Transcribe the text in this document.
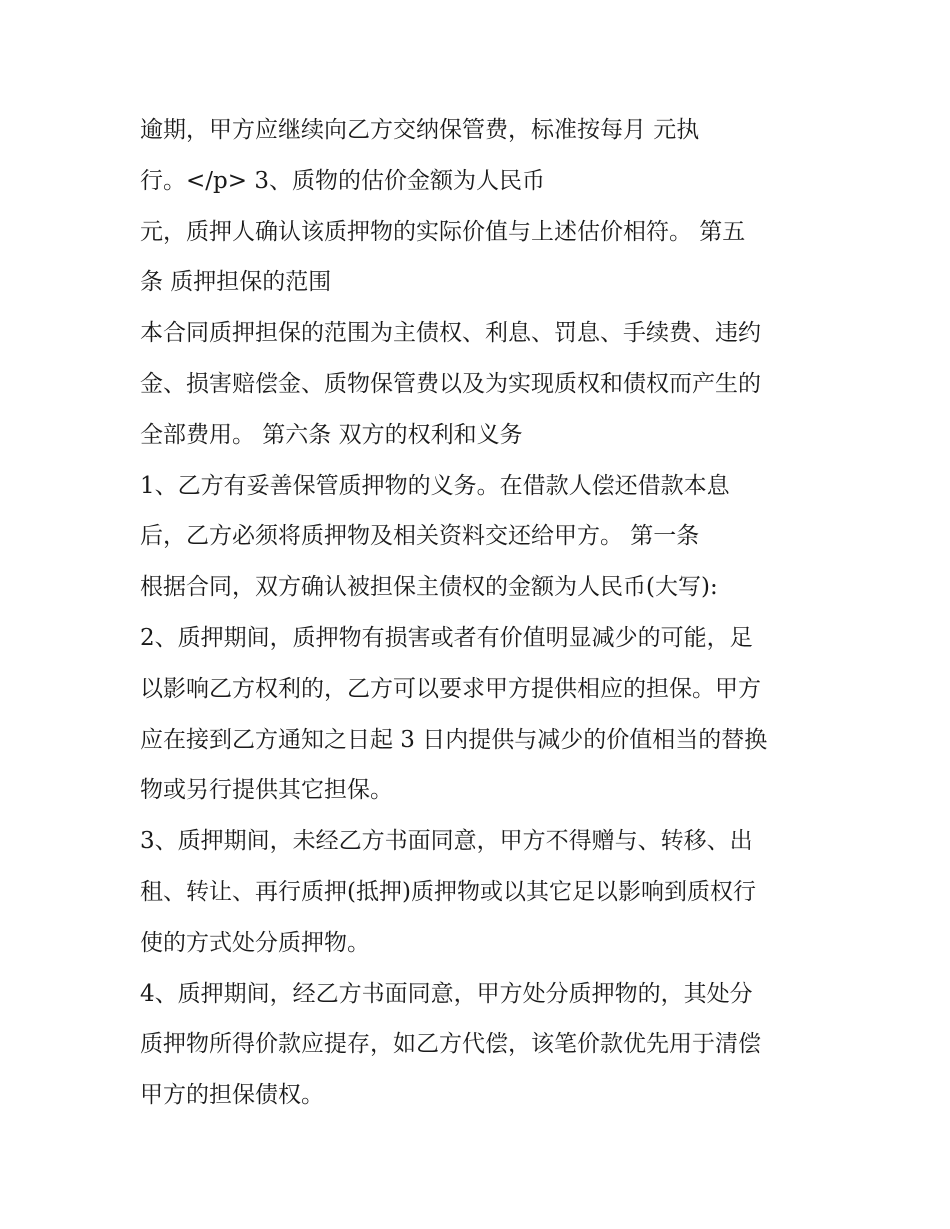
逾期，甲方应继续向乙方交纳保管费，标准按每月 元执
行。</p> 3、质物的估价金额为人民币
元，质押人确认该质押物的实际价值与上述估价相符。 第五
条 质押担保的范围
本合同质押担保的范围为主债权、利息、罚息、手续费、违约
金、损害赔偿金、质物保管费以及为实现质权和债权而产生的
全部费用。 第六条 双方的权利和义务
1、乙方有妥善保管质押物的义务。在借款人偿还借款本息
后，乙方必须将质押物及相关资料交还给甲方。 第一条
根据合同，双方确认被担保主债权的金额为人民币(大写):
2、质押期间，质押物有损害或者有价值明显减少的可能，足
以影响乙方权利的，乙方可以要求甲方提供相应的担保。甲方
应在接到乙方通知之日起 3 日内提供与减少的价值相当的替换
物或另行提供其它担保。
3、质押期间，未经乙方书面同意，甲方不得赠与、转移、出
租、转让、再行质押(抵押)质押物或以其它足以影响到质权行
使的方式处分质押物。
4、质押期间，经乙方书面同意，甲方处分质押物的，其处分
质押物所得价款应提存，如乙方代偿，该笔价款优先用于清偿
甲方的担保债权。
